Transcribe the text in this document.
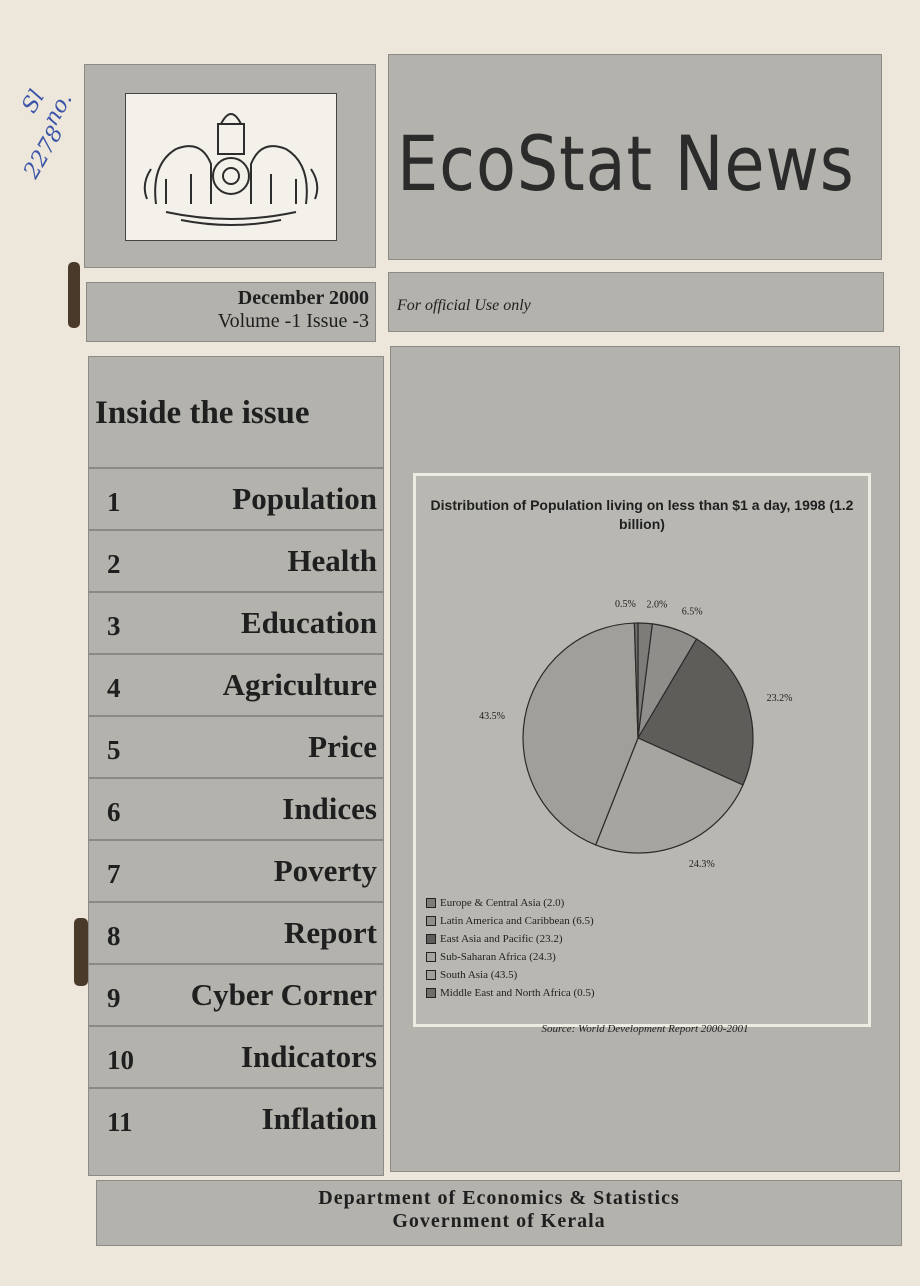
Sl no.
2278	EcoStat News
December 2000
Volume -1 Issue -3
For official Use only
Inside the issue
1	Population
2	Health
3	Education
4	Agriculture
5	Price
6	Indices
7	Poverty
8	Report
9 Cyber Corner
10	Indicators
11	Inflation
Distribution of Population living on less than $1 a day, 1998 (1.2 billion)
2.0%
6.5%
23.2%
24.3%
43.5%
0.5%
Europe & Central Asia (2.0)
Latin America and Caribbean (6.5)
East Asia and Pacific (23.2)
Sub-Saharan Africa (24.3)
South Asia (43.5)
Middle East and North Africa (0.5)
Source: World Development Report 2000-2001
Department of Economics & Statistics
Government of Kerala
